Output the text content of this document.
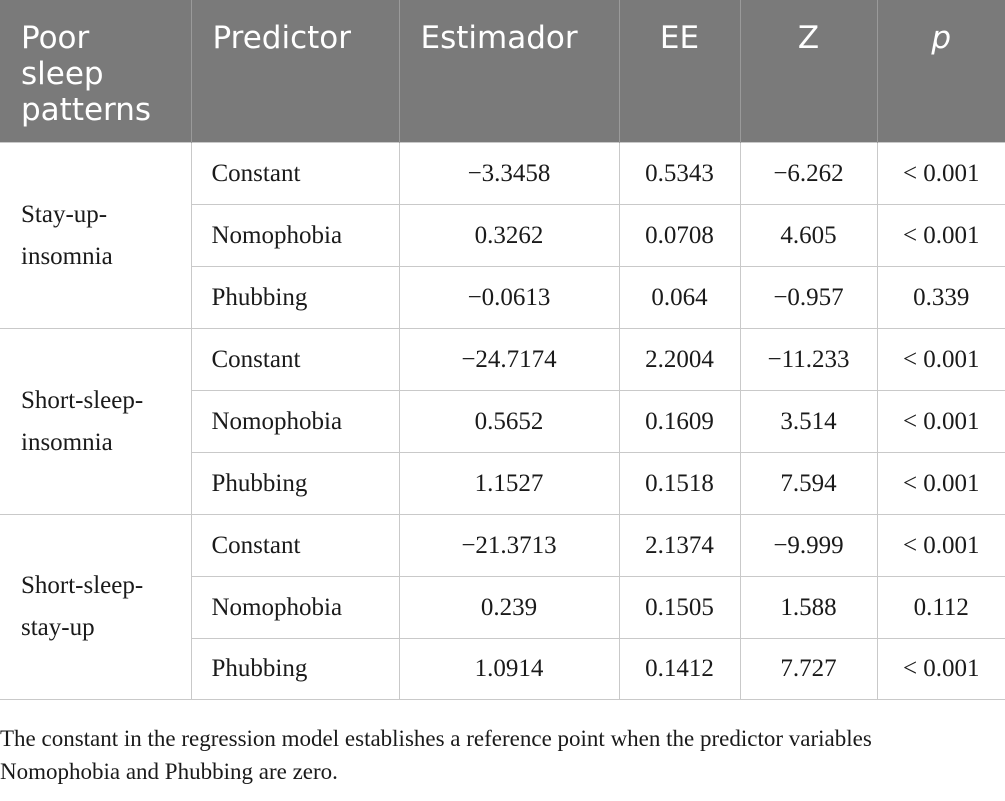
Poor sleep patterns	Predictor	Estimador	EE	Z	p
Stay-up-insomnia	Constant	−3.3458	0.5343	−6.262	< 0.001
	Nomophobia	0.3262	0.0708	4.605	< 0.001
	Phubbing	−0.0613	0.064	−0.957	0.339
Short-sleep-insomnia	Constant	−24.7174	2.2004	−11.233	< 0.001
	Nomophobia	0.5652	0.1609	3.514	< 0.001
	Phubbing	1.1527	0.1518	7.594	< 0.001
Short-sleep-stay-up	Constant	−21.3713	2.1374	−9.999	< 0.001
	Nomophobia	0.239	0.1505	1.588	0.112
	Phubbing	1.0914	0.1412	7.727	< 0.001

The constant in the regression model establishes a reference point when the predictor variables Nomophobia and Phubbing are zero.
